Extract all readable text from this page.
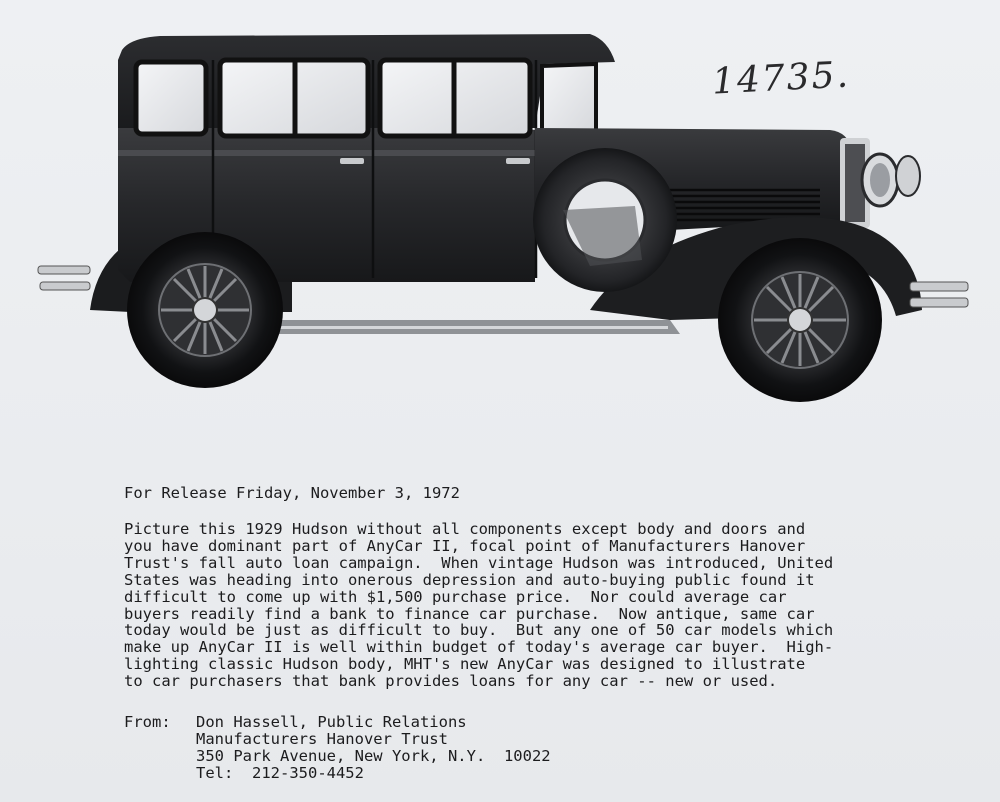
14735.
For Release Friday, November 3, 1972
Picture this 1929 Hudson without all components except body and doors and
you have dominant part of AnyCar II, focal point of Manufacturers Hanover
Trust's fall auto loan campaign.  When vintage Hudson was introduced, United
States was heading into onerous depression and auto-buying public found it
difficult to come up with $1,500 purchase price.  Nor could average car
buyers readily find a bank to finance car purchase.  Now antique, same car
today would be just as difficult to buy.  But any one of 50 car models which
make up AnyCar II is well within budget of today's average car buyer.  High-
lighting classic Hudson body, MHT's new AnyCar was designed to illustrate
to car purchasers that bank provides loans for any car -- new or used.
From: Don Hassell, Public Relations
Manufacturers Hanover Trust
350 Park Avenue, New York, N.Y.  10022
Tel:  212-350-4452
